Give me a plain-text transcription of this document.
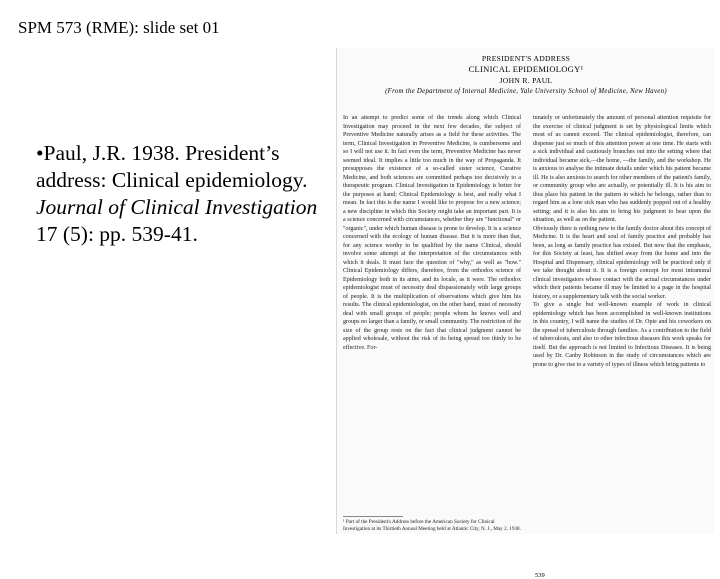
SPM 573 (RME): slide set 01
•Paul, J.R. 1938. President’s address: Clinical epidemiology. Journal of Clinical Investigation 17 (5): pp. 539-41.
PRESIDENT'S ADDRESS
CLINICAL EPIDEMIOLOGY¹
JOHN R. PAUL
(From the Department of Internal Medicine, Yale University School of Medicine, New Haven)
In an attempt to predict some of the trends along which Clinical Investigation may proceed in the next few decades, the subject of Preventive Medicine naturally arises as a field for these activities. The term, Clinical Investigation in Preventive Medicine, is cumbersome and so I will not use it. In fact even the term, Preventive Medicine has never seemed ideal. It implies a little too much in the way of Propaganda. It presupposes the existence of a so-called sister science, Curative Medicine, and both sciences are committed perhaps too decisively to a therapeutic program. Clinical Investigation in Epidemiology is better for the purposes at hand; Clinical Epidemiology is best, and really what I mean. In fact this is the name I would like to propose for a new science; a new discipline in which this Society might take an important part. It is a science concerned with circumstances, whether they are "functional" or "organic", under which human disease is prone to develop. It is a science concerned with the ecology of human disease. But it is more than that, for any science worthy to be qualified by the name Clinical, should involve some attempt at the interpretation of the circumstances with which it deals. It must face the question of "why," as well as "how." Clinical Epidemiology differs, therefore, from the orthodox science of Epidemiology both in its aims, and its locale, as it were. The orthodox epidemiologist must of necessity deal dispassionately with large groups of people. It is the multiplication of observations which give him his results. The clinical epidemiologist, on the other hand, must of necessity deal with small groups of people; people whom he knows well and groups no larger than a family, or small community. The restriction of the size of the group rests on the fact that clinical judgment cannot be applied wholesale, without the risk of its being spread too thinly to be effective. For-
tunately or unfortunately the amount of personal attention requisite for the exercise of clinical judgment is set by physiological limits which most of us cannot exceed. The clinical epidemiologist, therefore, can dispense just so much of this attention power at one time. He starts with a sick individual and cautiously branches out into the setting where that individual became sick,—the home, —the family, and the workshop. He is anxious to analyse the intimate details under which his patient became ill. He is also anxious to search for other members of the patient's family, or community group who are actually, or potentially ill. It is his aim to thus place his patient in the pattern in which he belongs, rather than to regard him as a lone sick man who has suddenly popped out of a healthy setting; and it is also his aim to bring his judgment to bear upon the situation, as well as on the patient.
Obviously there is nothing new to the family doctor about this concept of Medicine. It is the heart and soul of family practice and probably has been, as long as family practice has existed. But now that the emphasis, for this Society at least, has shifted away from the home and into the Hospital and Dispensary, clinical epidemiology will be practiced only if we take thought about it. It is a foreign concept for most intramural clinical investigators whose contact with the actual circumstances under which their patients became ill may be limited to a page in the hospital history, or a supplementary talk with the social worker.
To give a single but well-known example of work in clinical epidemiology which has been accomplished in well-known institutions in this country, I will name the studies of Dr. Opie and his coworkers on the spread of tuberculosis through families. As a contribution to the field of tuberculosis, and also to other infectious diseases this work speaks for itself. But the approach is not limited to Infectious Diseases. It is being used by Dr. Canby Robinson in the study of circumstances which are prone to give rise to a variety of types of illness which bring patients to
¹ Part of the President's Address before the American Society for Clinical Investigation at its Thirtieth Annual Meeting held at Atlantic City, N. J., May 2, 1938.
539
